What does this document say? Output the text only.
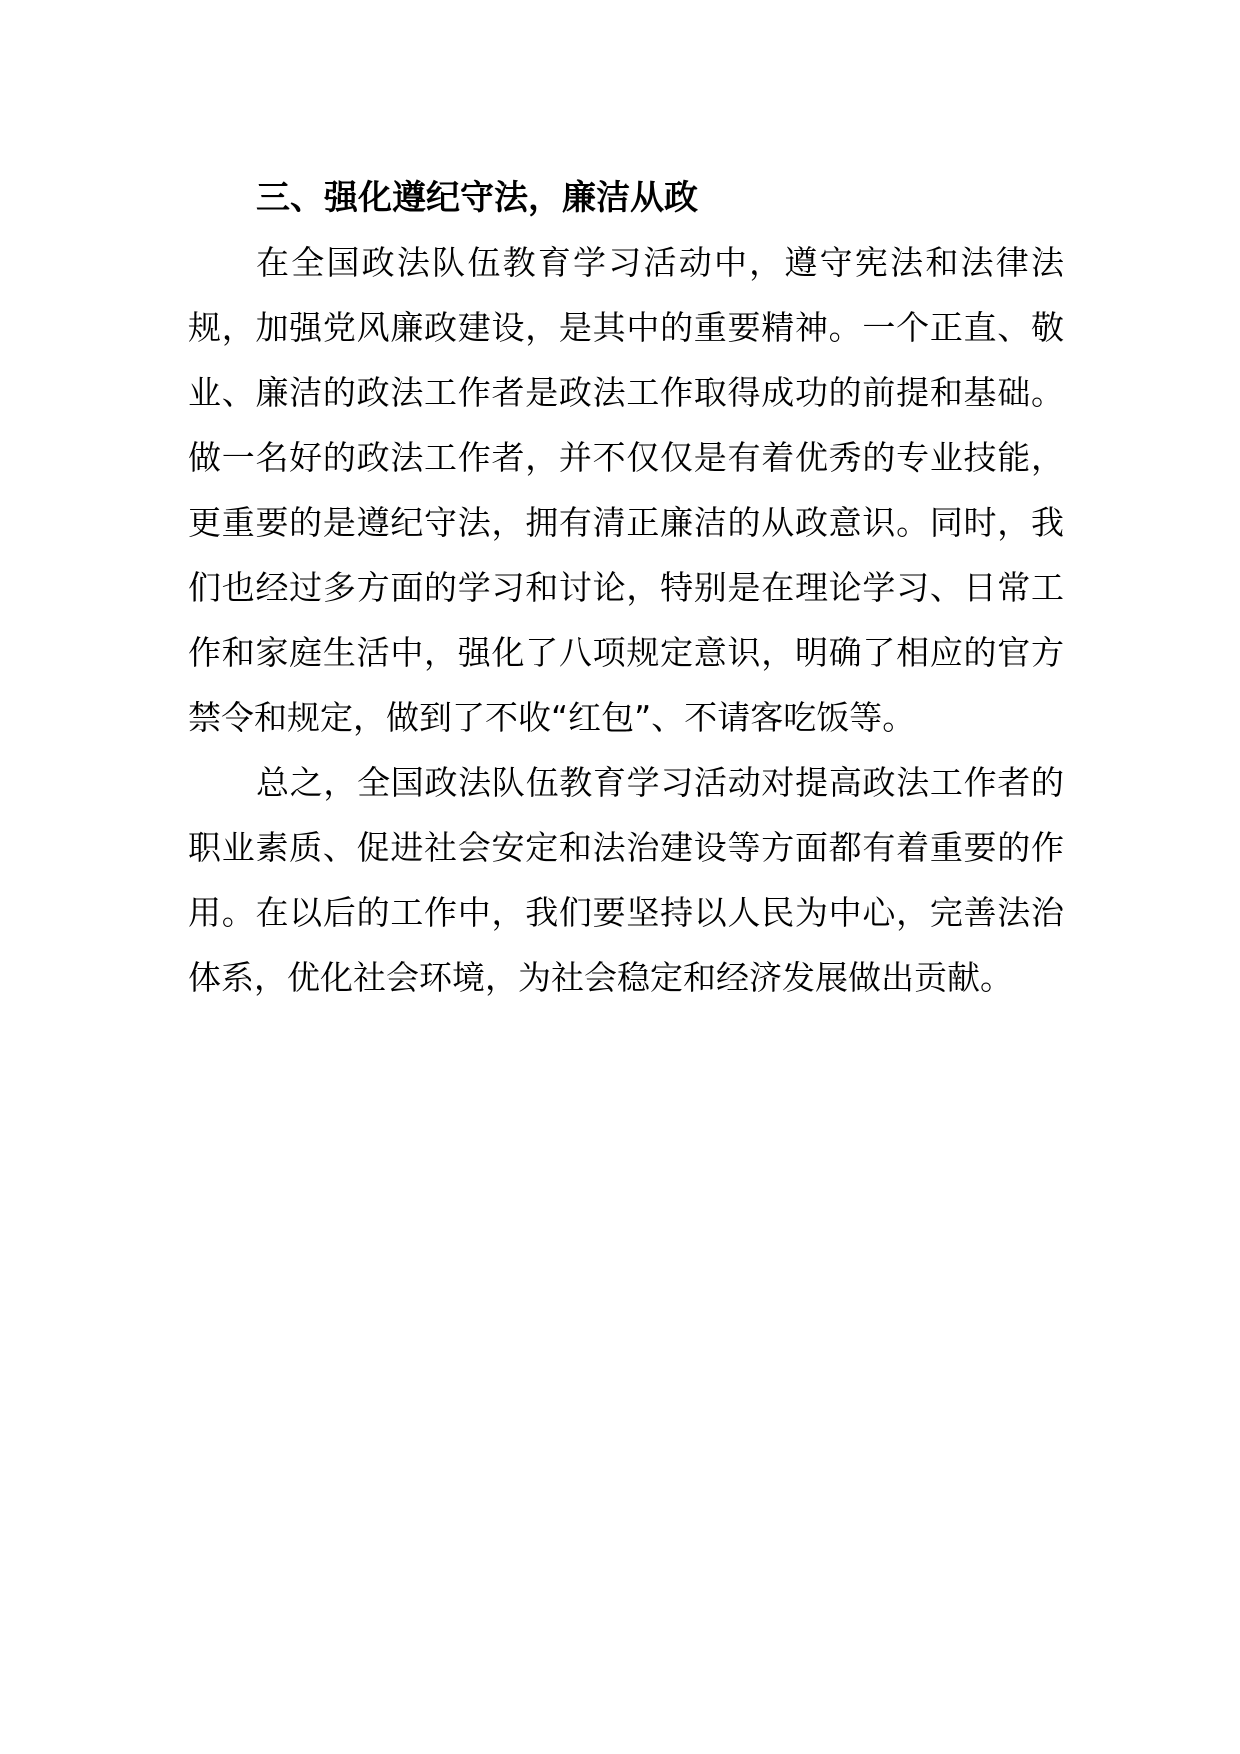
三、强化遵纪守法，廉洁从政

在全国政法队伍教育学习活动中，遵守宪法和法律法规，加强党风廉政建设，是其中的重要精神。一个正直、敬业、廉洁的政法工作者是政法工作取得成功的前提和基础。做一名好的政法工作者，并不仅仅是有着优秀的专业技能，更重要的是遵纪守法，拥有清正廉洁的从政意识。同时，我们也经过多方面的学习和讨论，特别是在理论学习、日常工作和家庭生活中，强化了八项规定意识，明确了相应的官方禁令和规定，做到了不收“红包”、不请客吃饭等。

总之，全国政法队伍教育学习活动对提高政法工作者的职业素质、促进社会安定和法治建设等方面都有着重要的作用。在以后的工作中，我们要坚持以人民为中心，完善法治体系，优化社会环境，为社会稳定和经济发展做出贡献。
